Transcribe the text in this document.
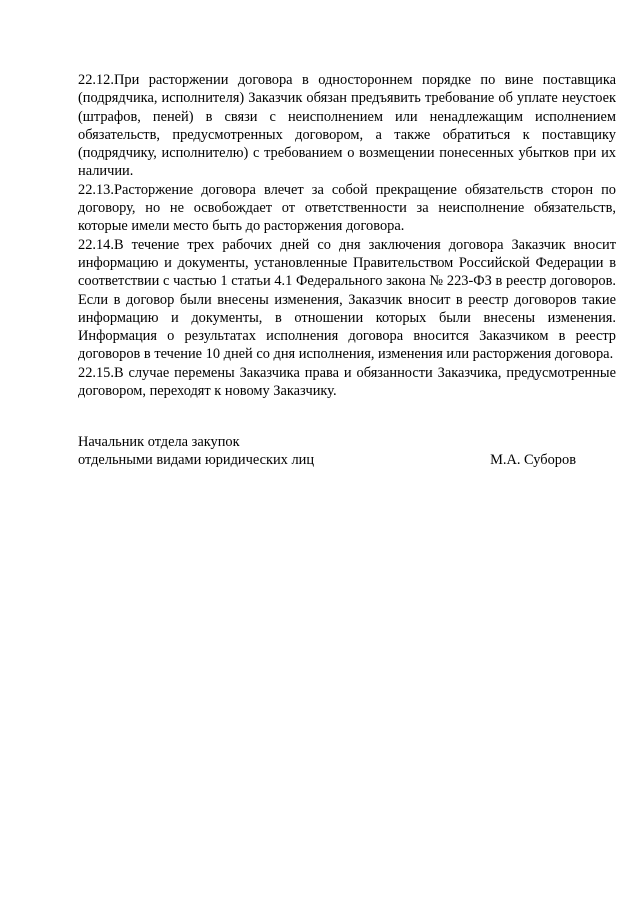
22.12.При расторжении договора в одностороннем порядке по вине поставщика (подрядчика, исполнителя) Заказчик обязан предъявить требование об уплате неустоек (штрафов, пеней) в связи с неисполнением или ненадлежащим исполнением обязательств, предусмотренных договором, а также обратиться к поставщику (подрядчику, исполнителю) с требованием о возмещении понесенных убытков при их наличии.

22.13.Расторжение договора влечет за собой прекращение обязательств сторон по договору, но не освобождает от ответственности за неисполнение обязательств, которые имели место быть до расторжения договора.

22.14.В течение трех рабочих дней со дня заключения договора Заказчик вносит информацию и документы, установленные Правительством Российской Федерации в соответствии с частью 1 статьи 4.1 Федерального закона № 223-ФЗ в реестр договоров. Если в договор были внесены изменения, Заказчик вносит в реестр договоров такие информацию и документы, в отношении которых были внесены изменения. Информация о результатах исполнения договора вносится Заказчиком в реестр договоров в течение 10 дней со дня исполнения, изменения или расторжения договора.

22.15.В случае перемены Заказчика права и обязанности Заказчика, предусмотренные договором, переходят к новому Заказчику.

Начальник отдела закупок

отдельными видами юридических лиц	М.А. Суборов
